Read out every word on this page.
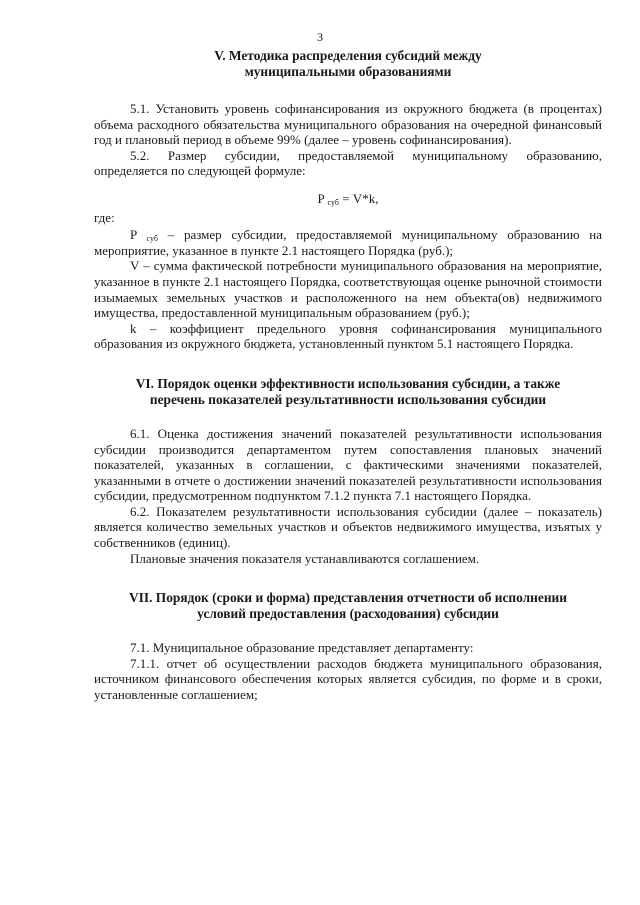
3
V. Методика распределения субсидий между
муниципальными образованиями

5.1. Установить уровень софинансирования из окружного бюджета (в процентах) объема расходного обязательства муниципального образования на очередной финансовый год и плановый период в объеме 99% (далее – уровень софинансирования).

5.2. Размер субсидии, предоставляемой муниципальному образованию, определяется по следующей формуле:

P $_{суб}$ = V*k,

где:

P $_{суб}$ – размер субсидии, предоставляемой муниципальному образованию на мероприятие, указанное в пункте 2.1 настоящего Порядка (руб.);

V – сумма фактической потребности муниципального образования на мероприятие, указанное в пункте 2.1 настоящего Порядка, соответствующая оценке рыночной стоимости изымаемых земельных участков и расположенного на нем объекта(ов) недвижимого имущества, предоставленной муниципальным образованием (руб.);

k – коэффициент предельного уровня софинансирования муниципального образования из окружного бюджета, установленный пунктом 5.1 настоящего Порядка.

VI. Порядок оценки эффективности использования субсидии, а также
перечень показателей результативности использования субсидии

6.1. Оценка достижения значений показателей результативности использования субсидии производится департаментом путем сопоставления плановых значений показателей, указанных в соглашении, с фактическими значениями показателей, указанными в отчете о достижении значений показателей результативности использования субсидии, предусмотренном подпунктом 7.1.2 пункта 7.1 настоящего Порядка.

6.2. Показателем результативности использования субсидии (далее – показатель) является количество земельных участков и объектов недвижимого имущества, изъятых у собственников (единиц).

Плановые значения показателя устанавливаются соглашением.

VII. Порядок (сроки и форма) представления отчетности об исполнении
условий предоставления (расходования) субсидии

7.1. Муниципальное образование представляет департаменту:

7.1.1. отчет об осуществлении расходов бюджета муниципального образования, источником финансового обеспечения которых является субсидия, по форме и в сроки, установленные соглашением;
